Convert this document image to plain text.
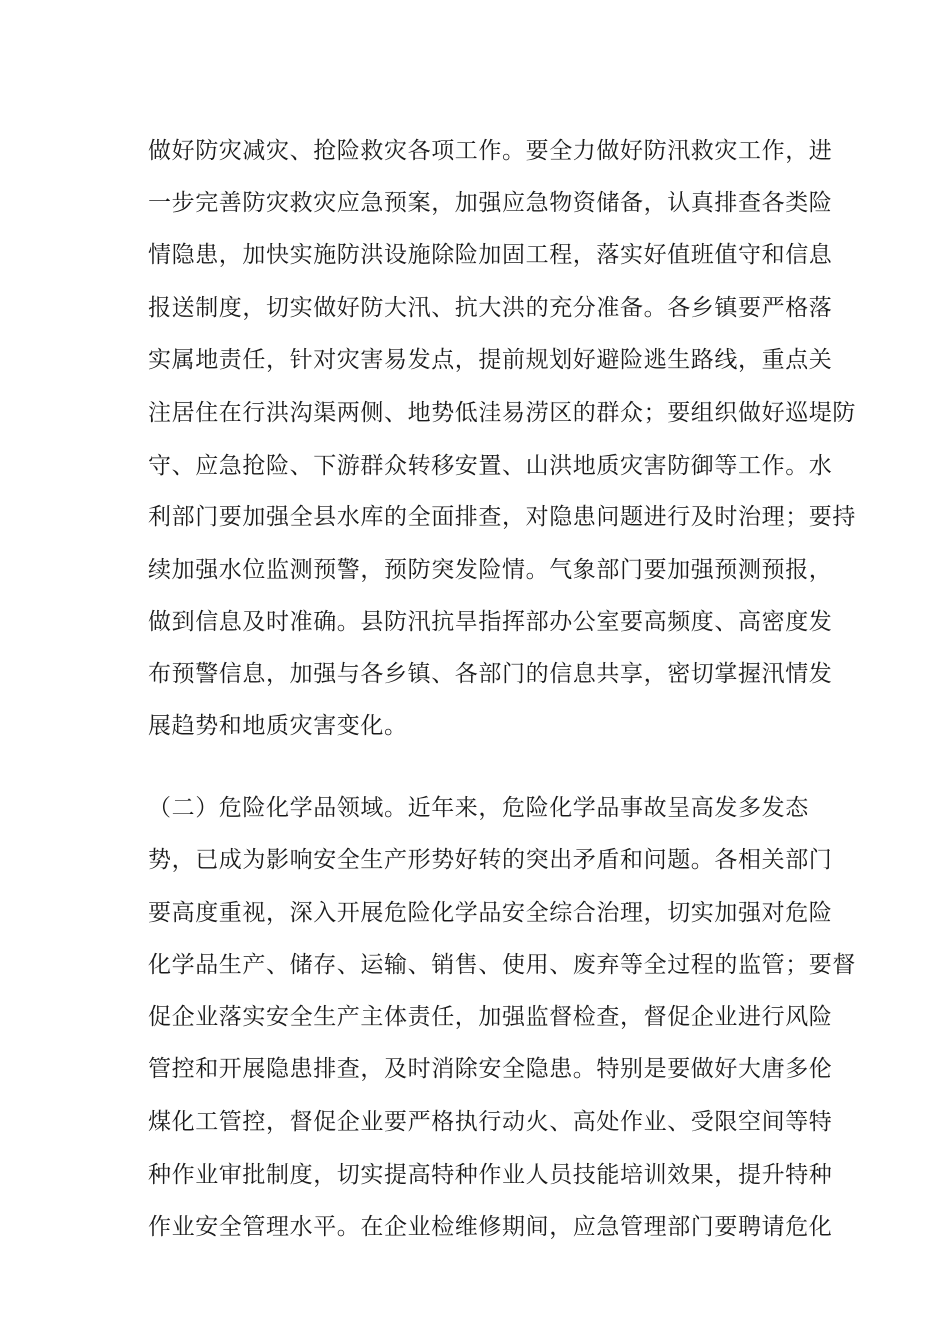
做好防灾减灾、抢险救灾各项工作。要全力做好防汛救灾工作，进
一步完善防灾救灾应急预案，加强应急物资储备，认真排查各类险
情隐患，加快实施防洪设施除险加固工程，落实好值班值守和信息
报送制度，切实做好防大汛、抗大洪的充分准备。各乡镇要严格落
实属地责任，针对灾害易发点，提前规划好避险逃生路线，重点关
注居住在行洪沟渠两侧、地势低洼易涝区的群众；要组织做好巡堤防
守、应急抢险、下游群众转移安置、山洪地质灾害防御等工作。水
利部门要加强全县水库的全面排查，对隐患问题进行及时治理；要持
续加强水位监测预警，预防突发险情。气象部门要加强预测预报，
做到信息及时准确。县防汛抗旱指挥部办公室要高频度、高密度发
布预警信息，加强与各乡镇、各部门的信息共享，密切掌握汛情发
展趋势和地质灾害变化。
（二）危险化学品领域。近年来，危险化学品事故呈高发多发态
势，已成为影响安全生产形势好转的突出矛盾和问题。各相关部门
要高度重视，深入开展危险化学品安全综合治理，切实加强对危险
化学品生产、储存、运输、销售、使用、废弃等全过程的监管；要督
促企业落实安全生产主体责任，加强监督检查，督促企业进行风险
管控和开展隐患排查，及时消除安全隐患。特别是要做好大唐多伦
煤化工管控，督促企业要严格执行动火、高处作业、受限空间等特
种作业审批制度，切实提高特种作业人员技能培训效果，提升特种
作业安全管理水平。在企业检维修期间，应急管理部门要聘请危化
